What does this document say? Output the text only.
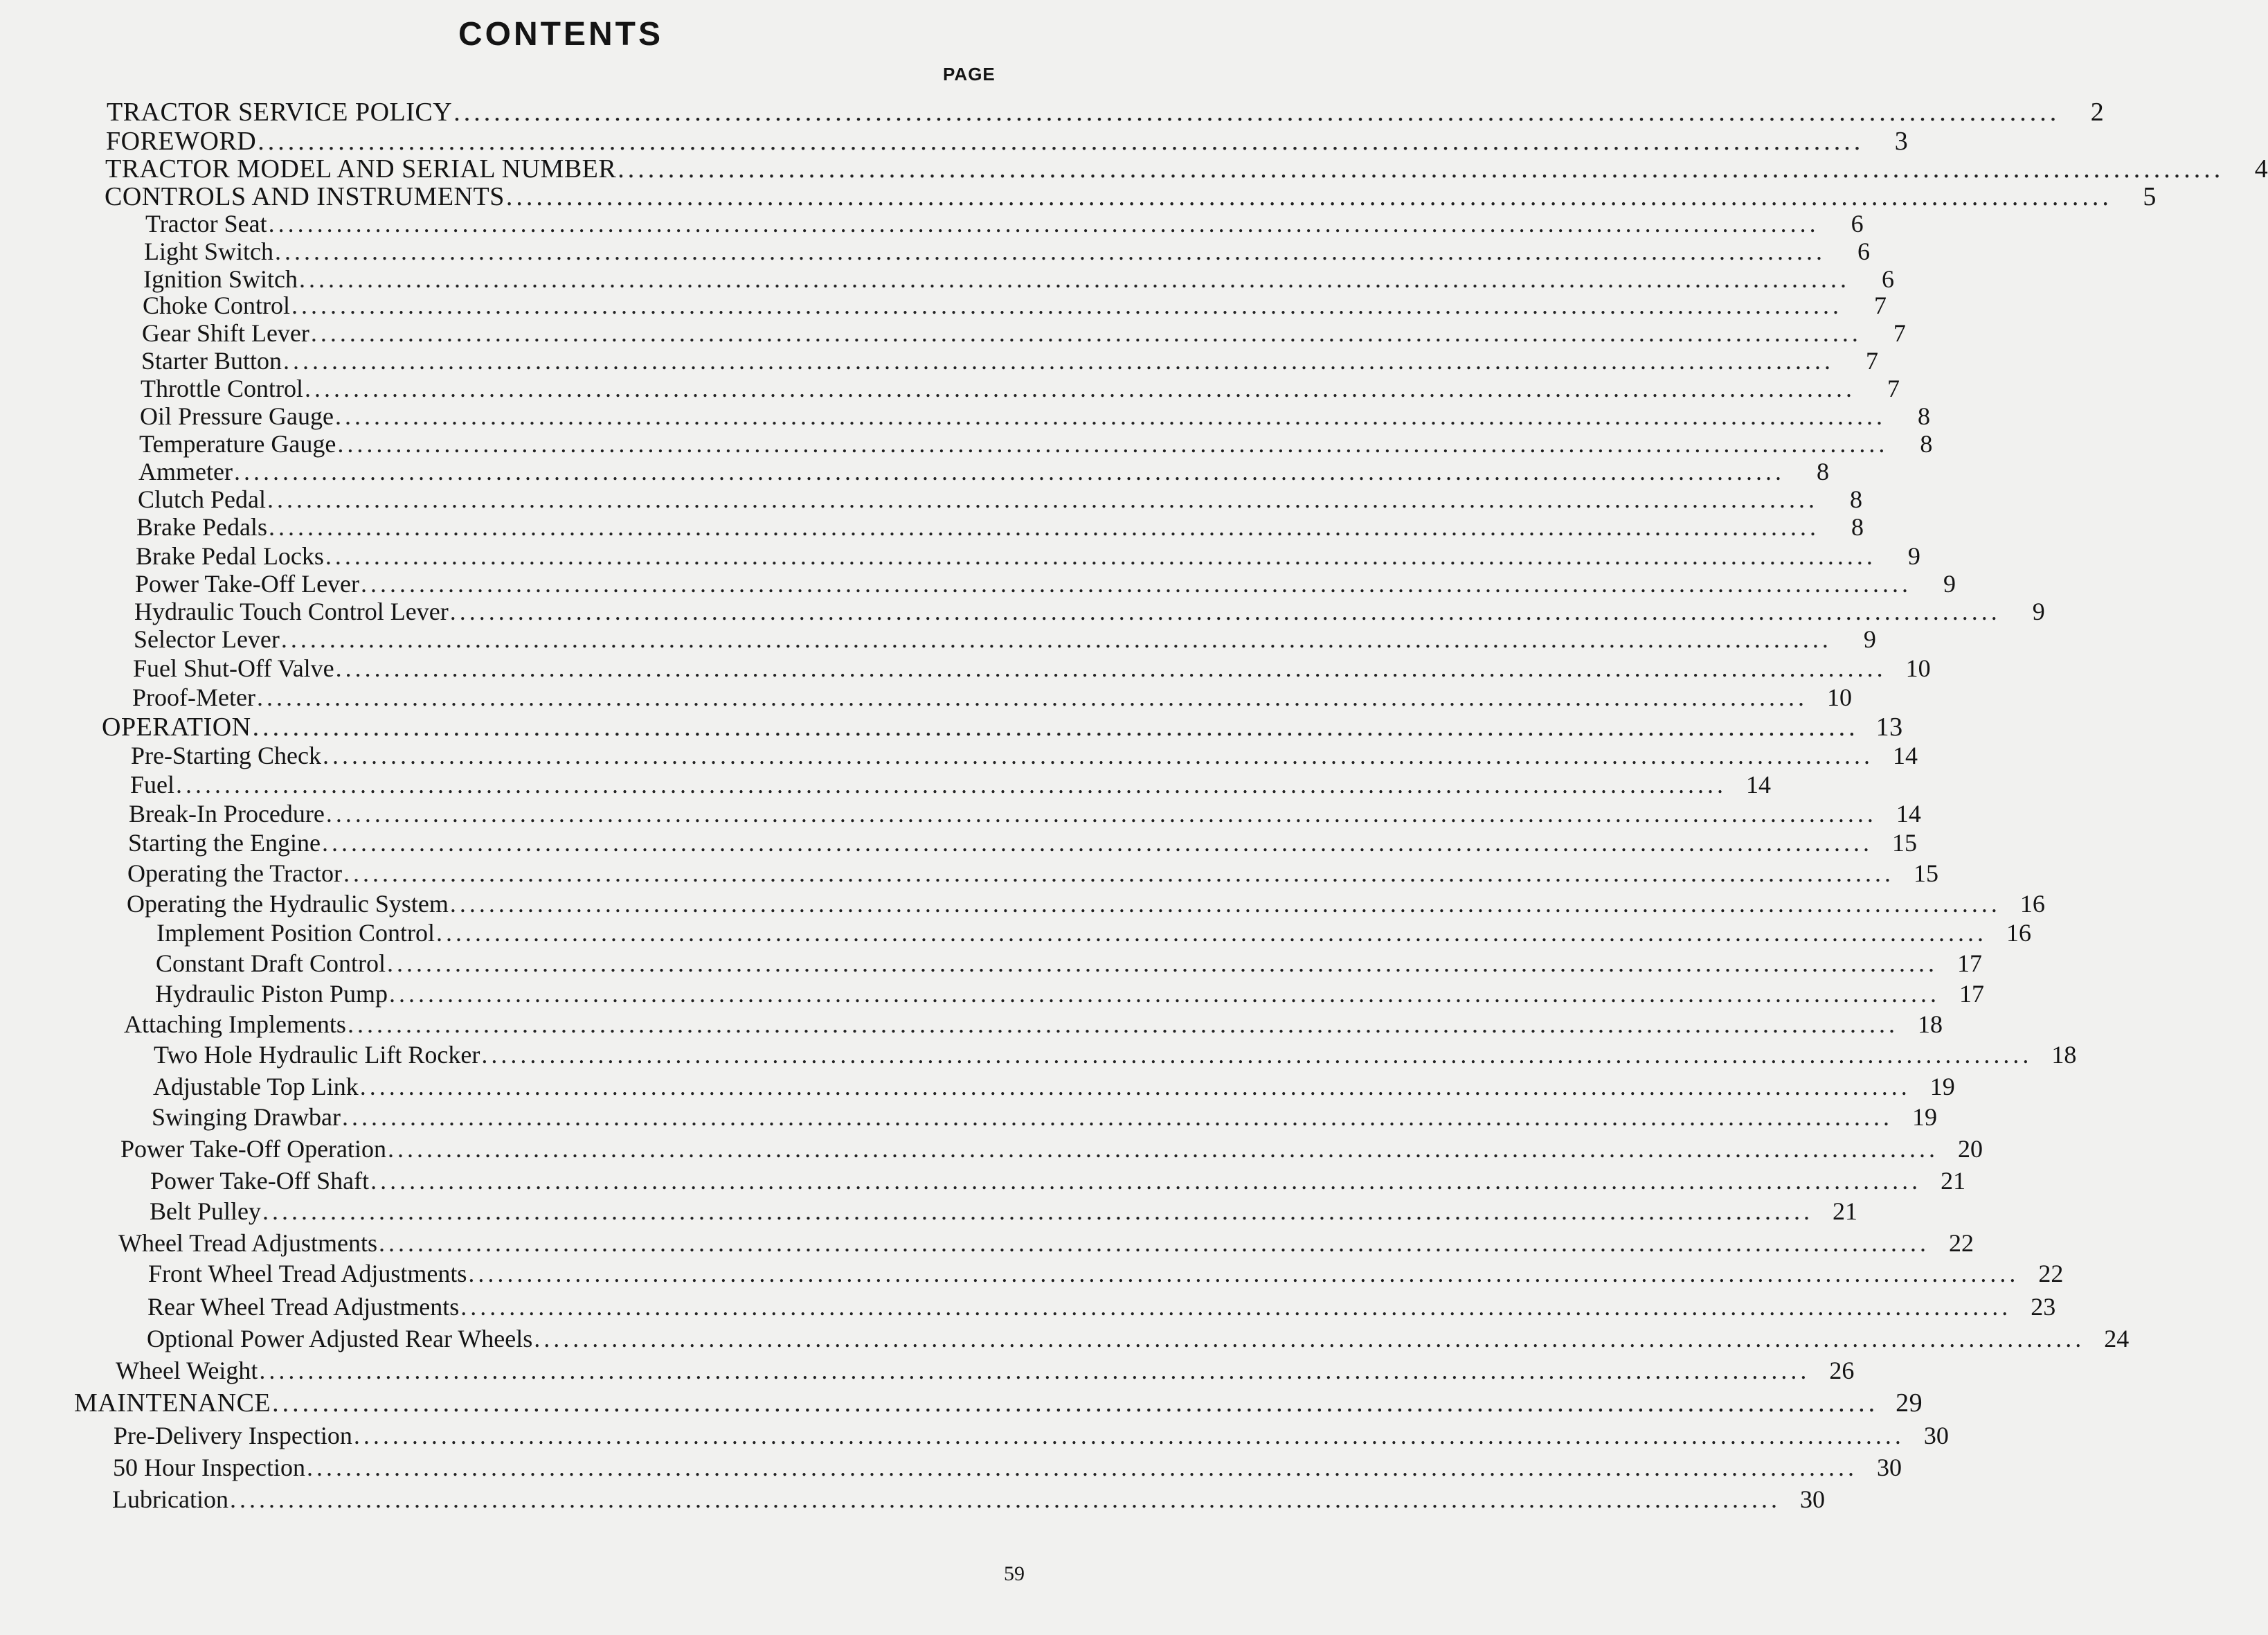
CONTENTS
PAGE
TRACTOR SERVICE POLICY ................................................................................................................................................................	2
FOREWORD ................................................................................................................................................................	3
TRACTOR MODEL AND SERIAL NUMBER ................................................................................................................................................................	4
CONTROLS AND INSTRUMENTS ................................................................................................................................................................	5
Tractor Seat ................................................................................................................................................................	6
Light Switch ................................................................................................................................................................	6
Ignition Switch ................................................................................................................................................................	6
Choke Control ................................................................................................................................................................	7
Gear Shift Lever ................................................................................................................................................................	7
Starter Button ................................................................................................................................................................	7
Throttle Control ................................................................................................................................................................	7
Oil Pressure Gauge ................................................................................................................................................................	8
Temperature Gauge ................................................................................................................................................................	8
Ammeter ................................................................................................................................................................	8
Clutch Pedal ................................................................................................................................................................	8
Brake Pedals ................................................................................................................................................................	8
Brake Pedal Locks ................................................................................................................................................................	9
Power Take-Off Lever ................................................................................................................................................................	9
Hydraulic Touch Control Lever ................................................................................................................................................................	9
Selector Lever ................................................................................................................................................................	9
Fuel Shut-Off Valve ................................................................................................................................................................ 10
Proof-Meter ................................................................................................................................................................ 10
OPERATION ................................................................................................................................................................ 13
Pre-Starting Check ................................................................................................................................................................ 14
Fuel ................................................................................................................................................................ 14
Break-In Procedure ................................................................................................................................................................ 14
Starting the Engine ................................................................................................................................................................ 15
Operating the Tractor ................................................................................................................................................................ 15
Operating the Hydraulic System ................................................................................................................................................................ 16
Implement Position Control ................................................................................................................................................................ 16
Constant Draft Control ................................................................................................................................................................ 17
Hydraulic Piston Pump ................................................................................................................................................................ 17
Attaching Implements ................................................................................................................................................................ 18
Two Hole Hydraulic Lift Rocker ................................................................................................................................................................ 18
Adjustable Top Link ................................................................................................................................................................ 19
Swinging Drawbar ................................................................................................................................................................ 19
Power Take-Off Operation ................................................................................................................................................................ 20
Power Take-Off Shaft ................................................................................................................................................................ 21
Belt Pulley ................................................................................................................................................................ 21
Wheel Tread Adjustments ................................................................................................................................................................ 22
Front Wheel Tread Adjustments ................................................................................................................................................................ 22
Rear Wheel Tread Adjustments ................................................................................................................................................................ 23
Optional Power Adjusted Rear Wheels ................................................................................................................................................................ 24
Wheel Weight ................................................................................................................................................................ 26
MAINTENANCE ................................................................................................................................................................ 29
Pre-Delivery Inspection ................................................................................................................................................................ 30
50 Hour Inspection ................................................................................................................................................................ 30
Lubrication ................................................................................................................................................................ 30
59
